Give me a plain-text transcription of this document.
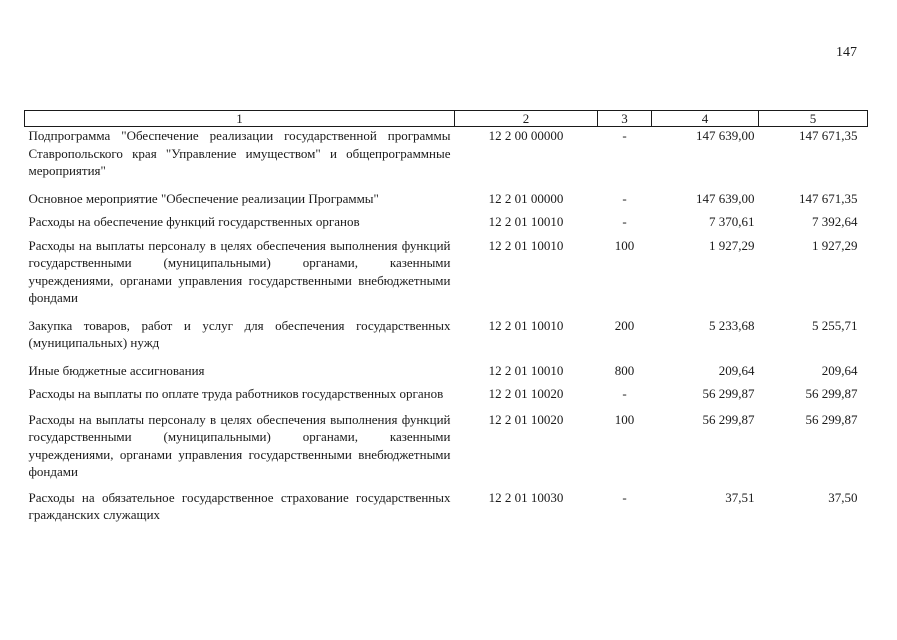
147
1	2	3	4	5
Подпрограмма "Обеспечение реализации государственной программы Ставропольского края "Управление имуществом" и общепрограммные мероприятия"	12 2 00 00000	-	147 639,00	147 671,35
Основное мероприятие "Обеспечение реализации Программы"	12 2 01 00000	-	147 639,00	147 671,35
Расходы на обеспечение функций государственных органов	12 2 01 10010	-	7 370,61	7 392,64
Расходы на выплаты персоналу в целях обеспечения выполнения функций государственными (муниципальными) органами, казенными учреждениями, органами управления государственными внебюджетными фондами	12 2 01 10010	100	1 927,29	1 927,29
Закупка товаров, работ и услуг для обеспечения государственных (муниципальных) нужд	12 2 01 10010	200	5 233,68	5 255,71
Иные бюджетные ассигнования	12 2 01 10010	800	209,64	209,64
Расходы на выплаты по оплате труда работников государственных органов	12 2 01 10020	-	56 299,87	56 299,87
Расходы на выплаты персоналу в целях обеспечения выполнения функций государственными (муниципальными) органами, казенными учреждениями, органами управления государственными внебюджетными фондами	12 2 01 10020	100	56 299,87	56 299,87
Расходы на обязательное государственное страхование государственных гражданских служащих	12 2 01 10030	-	37,51	37,50
